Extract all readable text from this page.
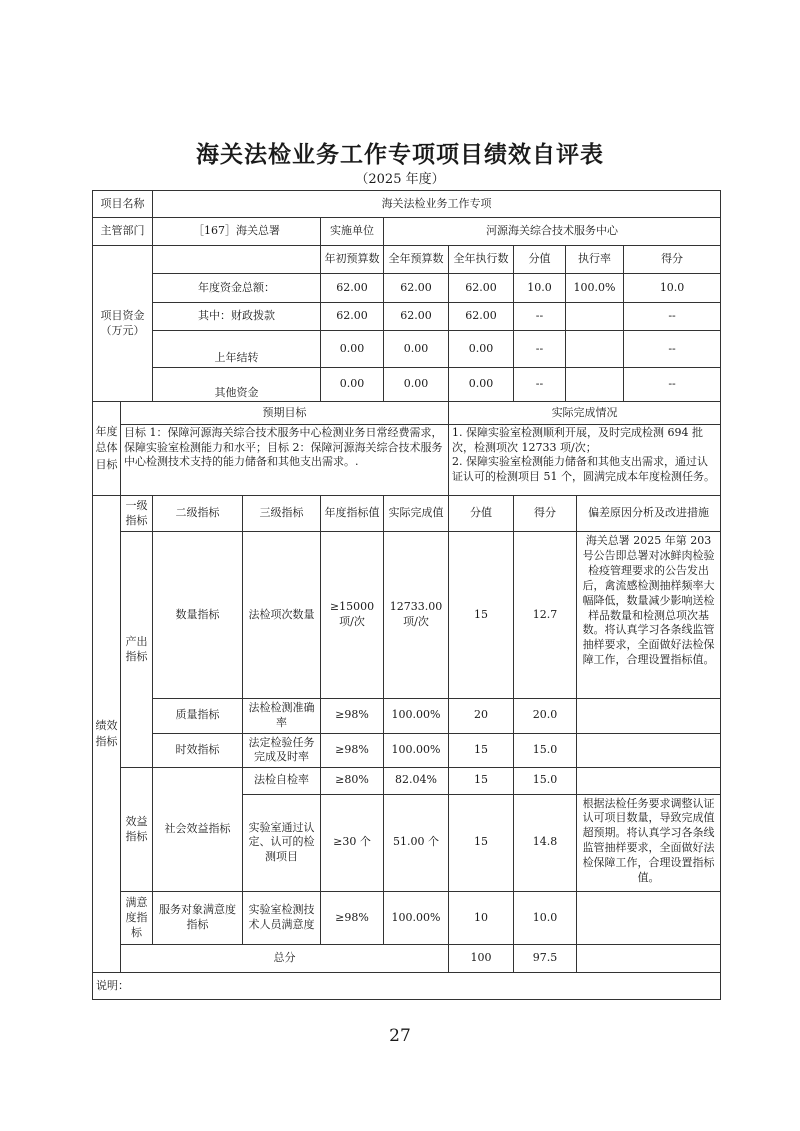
海关法检业务工作专项项目绩效自评表
（2025 年度）
项目名称		海关法检业务工作专项								
主管部门		［167］海关总署		实施单位	河源海关综合技术服务中心					
项目资金（万元）				年初预算数	全年预算数	全年执行数	分值	执行率		得分
		年度资金总额：		62.00	62.00	62.00	10.0	100.0%		10.0
		其中：财政拨款		62.00	62.00	62.00	--			--
		上年结转		0.00	0.00	0.00	--			--
		其他资金		0.00	0.00	0.00	--			--
年度总体目标	预期目标					实际完成情况				
	目标 1：保障河源海关综合技术服务中心检测业务日常经费需求，保障实验室检测能力和水平；目标 2：保障河源海关综合技术服务中心检测技术支持的能力储备和其他支出需求。.					1. 保障实验室检测顺利开展，及时完成检测 694 批次，检测项次 12733 项/次；
2. 保障实验室检测能力储备和其他支出需求，通过认证认可的检测项目 51 个，圆满完成本年度检测任务。				

绩效指标	一级指标	二级指标	三级指标	年度指标值	实际完成值	分值	得分		偏差原因分析及改进措施	
	产出指标	数量指标	法检项次数量	≥15000项/次	12733.00 项/次	15	12.7		海关总署 2025 年第 203 号公告即总署对冰鲜肉检验检疫管理要求的公告发出后，禽流感检测抽样频率大幅降低，数量减少影响送检样品数量和检测总项次基数。将认真学习各条线监管抽样要求，全面做好法检保障工作，合理设置指标值。	
		质量指标	法检检测准确率	≥98%	100.00%	20	20.0			
		时效指标	法定检验任务完成及时率	≥98%	100.00%	15	15.0			
	效益指标	社会效益指标	法检自检率	≥80%	82.04%	15	15.0			
			实验室通过认定、认可的检测项目	≥30 个	51.00 个	15	14.8		根据法检任务要求调整认证认可项目数量，导致完成值超预期。将认真学习各条线监管抽样要求，全面做好法检保障工作，合理设置指标值。	
	满意度指标	服务对象满意度指标	实验室检测技术人员满意度	≥98%	100.00%	10	10.0			
	总分					100	97.5			
说明：										
27
